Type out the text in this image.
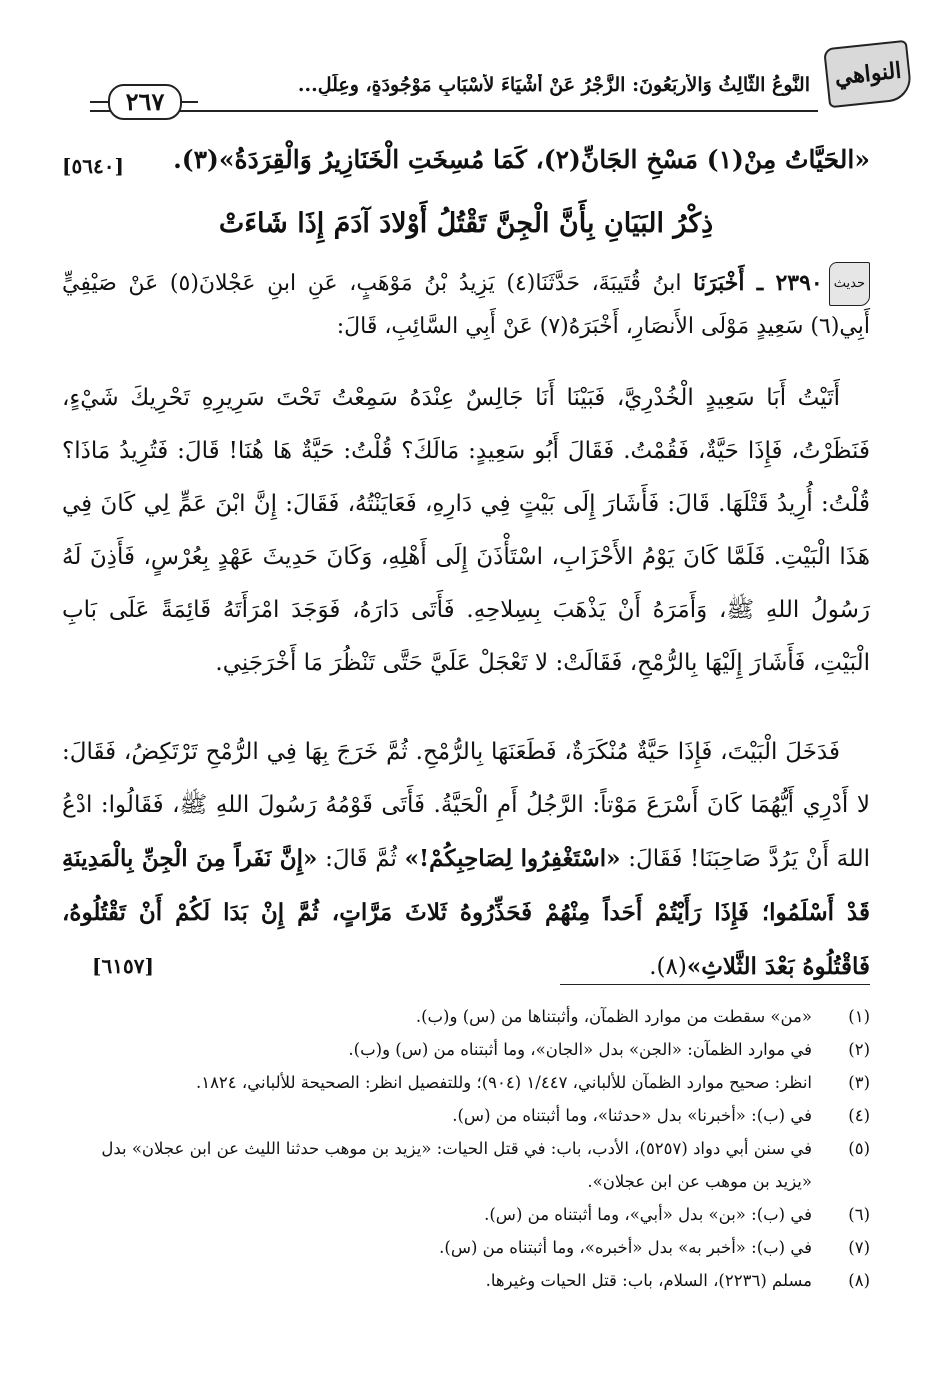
النواهي
النَّوعُ الثَّالِثُ وَالأَربَعُونَ: الزَّجْرُ عَنْ أَشْيَاءَ لأسْبَابٍ مَوْجُودَةٍ، وعِلَلٍ...
٢٦٧
«الحَيَّاتُ مِنْ(١) مَسْخِ الجَانِّ(٢)، كَمَا مُسِخَتِ الْخَنَازِيرُ وَالْقِرَدَةُ»(٣).
[٥٦٤٠]
ذِكْرُ البَيَانِ بِأَنَّ الْجِنَّ تَقْتُلُ أَوْلادَ آدَمَ إِذَا شَاءَتْ
حديث٢٣٩٠ ـ أَخْبَرَنَا ابنُ قُتَيبَةَ، حَدَّثَنَا(٤) يَزِيدُ بْنُ مَوْهَبٍ، عَنِ ابنِ عَجْلانَ(٥) عَنْ صَيْفِيٍّ أَبِي(٦) سَعِيدٍ مَوْلَى الأَنصَارِ، أَخْبَرَهُ(٧) عَنْ أَبِي السَّائِبِ، قَالَ:
أَتَيْتُ أَبَا سَعِيدٍ الْخُدْرِيَّ، فَبَيْنَا أَنَا جَالِسٌ عِنْدَهُ سَمِعْتُ تَحْتَ سَرِيرِهِ تَحْرِيكَ شَيْءٍ، فَنَظَرْتُ، فَإِذَا حَيَّةٌ، فَقُمْتُ. فَقَالَ أَبُو سَعِيدٍ: مَالَكَ؟ قُلْتُ: حَيَّةٌ هَا هُنَا! قَالَ: فَتُرِيدُ مَاذَا؟ قُلْتُ: أُرِيدُ قَتْلَهَا. قَالَ: فَأَشَارَ إِلَى بَيْتٍ فِي دَارِهِ، فَعَايَنْتُهُ، فَقَالَ: إِنَّ ابْنَ عَمٍّ لِي كَانَ فِي هَذَا الْبَيْتِ. فَلَمَّا كَانَ يَوْمُ الأَحْزَابِ، اسْتَأْذَنَ إِلَى أَهْلِهِ، وَكَانَ حَدِيثَ عَهْدٍ بِعُرْسٍ، فَأَذِنَ لَهُ رَسُولُ اللهِ ﷺ، وَأَمَرَهُ أَنْ يَذْهَبَ بِسِلاحِهِ. فَأَتَى دَارَهُ، فَوَجَدَ امْرَأَتَهُ قَائِمَةً عَلَى بَابِ الْبَيْتِ، فَأَشَارَ إِلَيْهَا بِالرُّمْحِ، فَقَالَتْ: لا تَعْجَلْ عَلَيَّ حَتَّى تَنْظُرَ مَا أَخْرَجَنِي.
فَدَخَلَ الْبَيْتَ، فَإِذَا حَيَّةٌ مُنْكَرَةٌ، فَطَعَنَهَا بِالرُّمْحِ. ثُمَّ خَرَجَ بِهَا فِي الرُّمْحِ تَرْتَكِضُ، فَقَالَ: لا أَدْرِي أَيُّهُمَا كَانَ أَسْرَعَ مَوْتاً: الرَّجُلُ أَمِ الْحَيَّةُ. فَأَتَى قَوْمُهُ رَسُولَ اللهِ ﷺ، فَقَالُوا: ادْعُ اللهَ أَنْ يَرُدَّ صَاحِبَنَا! فَقَالَ: «اسْتَغْفِرُوا لِصَاحِبِكُمْ!» ثُمَّ قَالَ: «إِنَّ نَفَراً مِنَ الْجِنِّ بِالْمَدِينَةِ قَدْ أَسْلَمُوا؛ فَإِذَا رَأَيْتُمْ أَحَداً مِنْهُمْ فَحَذِّرُوهُ ثَلاثَ مَرَّاتٍ، ثُمَّ إِنْ بَدَا لَكُمْ أَنْ تَقْتُلُوهُ، فَاقْتُلُوهُ بَعْدَ الثَّلاثِ»(٨).
[٦١٥٧]
(١)
«من» سقطت من موارد الظمآن، وأثبتناها من (س) و(ب).
(٢)
في موارد الظمآن: «الجن» بدل «الجان»، وما أثبتناه من (س) و(ب).
(٣)
انظر: صحيح موارد الظمآن للألباني، ١/٤٤٧ (٩٠٤)؛ وللتفصيل انظر: الصحيحة للألباني، ١٨٢٤.
(٤)
في (ب): «أخبرنا» بدل «حدثنا»، وما أثبتناه من (س).
(٥)
في سنن أبي دواد (٥٢٥٧)، الأدب، باب: في قتل الحيات: «يزيد بن موهب حدثنا الليث عن ابن عجلان» بدل «يزيد بن موهب عن ابن عجلان».
(٦)
في (ب): «بن» بدل «أبي»، وما أثبتناه من (س).
(٧)
في (ب): «أخبر به» بدل «أخبره»، وما أثبتناه من (س).
(٨)
مسلم (٢٢٣٦)، السلام، باب: قتل الحيات وغيرها.
